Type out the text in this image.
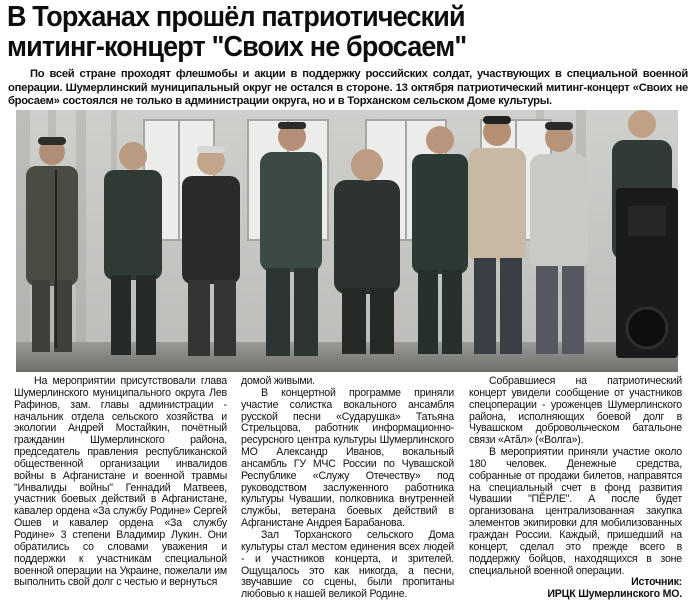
В Торханах прошёл патриотический
митинг-концерт "Своих не бросаем"

По всей стране проходят флешмобы и акции в поддержку российских солдат, участвующих в специальной военной операции. Шумерлинский муниципальный округ не остался в стороне. 13 октября патриотический митинг-концерт «Своих не бросаем» состоялся не только в администрации округа, но и в Торханском сельском Доме культуры.

На мероприятии присутствовали глава Шумерлинского муниципального округа Лев Рафинов, зам. главы администрации - начальник отдела сельского хозяйства и экологии Андрей Мостайкин, почётный гражданин Шумерлинского района, председатель правления республиканской общественной организации инвалидов войны в Афганистане и военной травмы "Инвалиды войны" Геннадий Матвеев, участник боевых действий в Афганистане, кавалер ордена «За службу Родине» Сергей Ошев и кавалер ордена «За службу Родине» 3 степени Владимир Лукин. Они обратились со словами уважения и поддержки к участникам специальной военной операции на Украине, пожелали им выполнить свой долг с честью и вернуться

домой живыми.

В концертной программе приняли участие солистка вокального ансамбля русской песни «Сударушка» Татьяна Стрельцова, работник информационно-ресурсного центра культуры Шумерлинского МО Александр Иванов, вокальный ансамбль ГУ МЧС России по Чувашской Республике «Служу Отечеству» под руководством заслуженного работника культуры Чувашии, полковника внутренней службы, ветерана боевых действий в Афганистане Андрея Барабанова.

Зал Торханского сельского Дома культуры стал местом единения всех людей - и участников концерта, и зрителей. Ощущалось это как никогда, а песни, звучавшие со сцены, были пропитаны любовью к нашей великой Родине.

Собравшиеся на патриотический концерт увидели сообщение от участников спецоперации - уроженцев Шумерлинского района, исполняющих боевой долг в Чувашском добровольческом батальоне связи «Атӑл» («Волга»).

В мероприятии приняли участие около 180 человек. Денежные средства, собранные от продажи билетов, направятся на специальный счет в фонд развития Чувашии "ПĔРЛЕ". А после будет организована централизованная закупка элементов экипировки для мобилизованных граждан России. Каждый, пришедший на концерт, сделал это прежде всего в поддержку бойцов, находящихся в зоне специальной военной операции.

Источник:

ИРЦК Шумерлинского МО.
